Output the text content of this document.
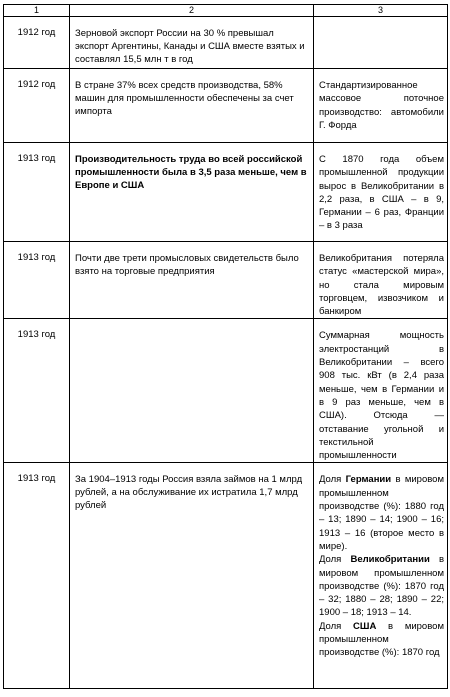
1	2	3
1912 год	Зерновой экспорт России на 30 % превышал экспорт Аргентины, Канады и США вместе взятых и составлял 15,5 млн т в год	
1912 год	В стране 37% всех средств производства, 58% машин для промышленности обеспечены за счет импорта	Стандартизированное массовое поточное производство: автомобили Г. Форда
1913 год	Производительность труда во всей российской промышленности была в 3,5 раза меньше, чем в Европе и США	С 1870 года объем промышленной продукции вырос в Великобритании в 2,2 раза, в США – в 9, Германии – 6 раз, Франции – в 3 раза
1913 год	Почти две трети промысловых свидетельств было взято на торговые предприятия	Великобритания потеряла статус «мастерской мира», но стала мировым торговцем, извозчиком и банкиром
1913 год		Суммарная мощность электростанций в Великобритании – всего 908 тыс. кВт (в 2,4 раза меньше, чем в Германии и в 9 раз меньше, чем в США). Отсюда — отставание угольной и текстильной промышленности
1913 год	За 1904–1913 годы Россия взяла займов на 1 млрд рублей, а на обслуживание их истратила 1,7 млрд рублей	Доля Германии в мировом промышленном производстве (%): 1880 год – 13; 1890 – 14; 1900 – 16; 1913 – 16 (второе место в мире).
Доля Великобритании в мировом промышленном производстве (%): 1870 год – 32; 1880 – 28; 1890 – 22; 1900 – 18; 1913 – 14.
Доля США в мировом промышленном производстве (%): 1870 год
